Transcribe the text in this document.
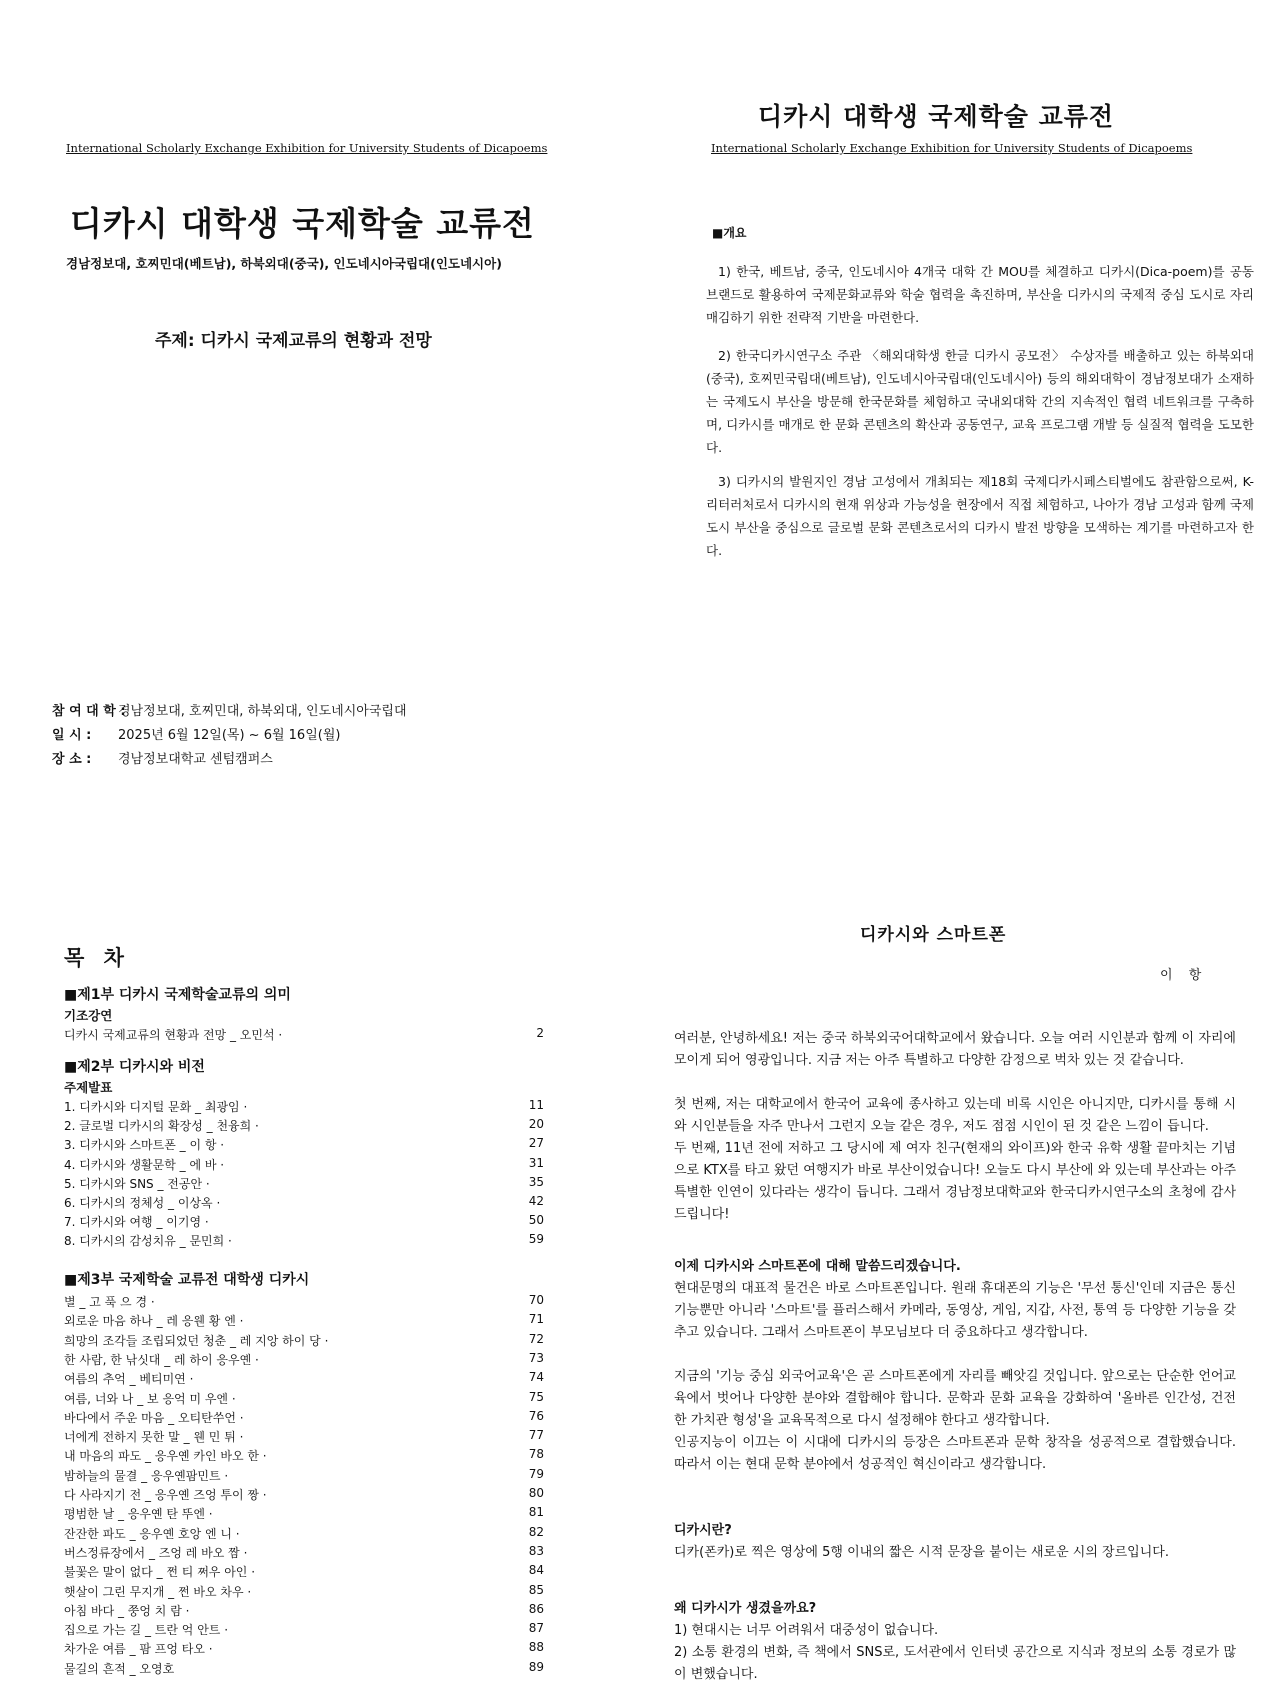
International Scholarly Exchange Exhibition for University Students of Dicapoems
디카시 대학생 국제학술 교류전
경남정보대, 호찌민대(베트남), 하북외대(중국), 인도네시아국립대(인도네시아)
주제: 디카시 국제교류의 현황과 전망
참 여 대 학 :경남정보대, 호찌민대, 하북외대, 인도네시아국립대
일 시 : 2025년 6월 12일(목) ~ 6월 16일(월)
장 소 : 경남정보대학교 센텀캠퍼스
디카시 대학생 국제학술 교류전
International Scholarly Exchange Exhibition for University Students of Dicapoems
■개요
1) 한국, 베트남, 중국, 인도네시아 4개국 대학 간 MOU를 체결하고 디카시(Dica-poem)를 공동 브랜드로 활용하여 국제문화교류와 학술 협력을 촉진하며, 부산을 디카시의 국제적 중심 도시로 자리매김하기 위한 전략적 기반을 마련한다.
2) 한국디카시연구소 주관 〈해외대학생 한글 디카시 공모전〉 수상자를 배출하고 있는 하북외대(중국), 호찌민국립대(베트남), 인도네시아국립대(인도네시아) 등의 해외대학이 경남정보대가 소재하는 국제도시 부산을 방문해 한국문화를 체험하고 국내외대학 간의 지속적인 협력 네트워크를 구축하며, 디카시를 매개로 한 문화 콘텐츠의 확산과 공동연구, 교육 프로그램 개발 등 실질적 협력을 도모한다.
3) 디카시의 발원지인 경남 고성에서 개최되는 제18회 국제디카시페스티벌에도 참관함으로써, K-리터러처로서 디카시의 현재 위상과 가능성을 현장에서 직접 체험하고, 나아가 경남 고성과 함께 국제도시 부산을 중심으로 글로벌 문화 콘텐츠로서의 디카시 발전 방향을 모색하는 계기를 마련하고자 한다.
목 차
■제1부 디카시 국제학술교류의 의미
기조강연
디카시 국제교류의 현황과 전망 _ 오민석 ·	2
■제2부 디카시와 비전
주제발표
1. 디카시와 디지털 문화 _ 최광임 ·	11
2. 글로벌 디카시의 확장성 _ 천융희 ·	20
3. 디카시와 스마트폰 _ 이 항 ·	27
4. 디카시와 생활문학 _ 에 바 ·	31
5. 디카시와 SNS _ 전공안 ·	35
6. 디카시의 정체성 _ 이상옥 ·	42
7. 디카시와 여행 _ 이기영 ·	50
8. 디카시의 감성치유 _ 문민희 ·	59
■제3부 국제학술 교류전 대학생 디카시
별 _ 고 푹 으 경 ·	70
외로운 마음 하나 _ 레 응웬 황 엔 ·	71
희망의 조각들 조립되었던 청춘 _ 레 지앙 하이 당 ·	72
한 사람, 한 낚싯대 _ 레 하이 응우옌 ·	73
여름의 추억 _ 베티미연 ·	74
여름, 너와 나 _ 보 응억 미 우엔 ·	75
바다에서 주운 마음 _ 오티탄쑤언 ·	76
너에게 전하지 못한 말 _ 웬 민 튀 ·	77
내 마음의 파도 _ 응우옌 카인 바오 한 ·	78
밤하늘의 물결 _ 응우옌팜민트 ·	79
다 사라지기 전 _ 응우옌 즈엉 투이 짱 ·	80
평범한 날 _ 응우옌 탄 뚜엔 ·	81
잔잔한 파도 _ 응우옌 호앙 엔 니 ·	82
버스정류장에서 _ 즈엉 레 바오 짬 ·	83
불꽃은 말이 없다 _ 쩐 티 쩌우 아인 ·	84
햇살이 그린 무지개 _ 쩐 바오 차우 ·	85
아침 바다 _ 쭝엉 치 람 ·	86
집으로 가는 길 _ 트란 억 안트 ·	87
차가운 여름 _ 팜 프엉 타오 ·	88
물길의 흔적 _ 오영호	89
디카시와 스마트폰
이 항
여러분, 안녕하세요! 저는 중국 하북외국어대학교에서 왔습니다. 오늘 여러 시인분과 함께 이 자리에 모이게 되어 영광입니다. 지금 저는 아주 특별하고 다양한 감정으로 벅차 있는 것 같습니다.
첫 번째, 저는 대학교에서 한국어 교육에 종사하고 있는데 비록 시인은 아니지만, 디카시를 통해 시와 시인분들을 자주 만나서 그런지 오늘 같은 경우, 저도 점점 시인이 된 것 같은 느낌이 듭니다.
두 번째, 11년 전에 저하고 그 당시에 제 여자 친구(현재의 와이프)와 한국 유학 생활 끝마치는 기념으로 KTX를 타고 왔던 여행지가 바로 부산이었습니다! 오늘도 다시 부산에 와 있는데 부산과는 아주 특별한 인연이 있다라는 생각이 듭니다. 그래서 경남정보대학교와 한국디카시연구소의 초청에 감사드립니다!
이제 디카시와 스마트폰에 대해 말씀드리겠습니다.
현대문명의 대표적 물건은 바로 스마트폰입니다. 원래 휴대폰의 기능은 '무선 통신'인데 지금은 통신 기능뿐만 아니라 '스마트'를 플러스해서 카메라, 동영상, 게임, 지갑, 사전, 통역 등 다양한 기능을 갖추고 있습니다. 그래서 스마트폰이 부모님보다 더 중요하다고 생각합니다.
지금의 '기능 중심 외국어교육'은 곧 스마트폰에게 자리를 빼앗길 것입니다. 앞으로는 단순한 언어교육에서 벗어나 다양한 분야와 결합해야 합니다. 문학과 문화 교육을 강화하여 '올바른 인간성, 건전한 가치관 형성'을 교육목적으로 다시 설정해야 한다고 생각합니다.
인공지능이 이끄는 이 시대에 디카시의 등장은 스마트폰과 문학 창작을 성공적으로 결합했습니다. 따라서 이는 현대 문학 분야에서 성공적인 혁신이라고 생각합니다.
디카시란?
디카(폰카)로 찍은 영상에 5행 이내의 짧은 시적 문장을 붙이는 새로운 시의 장르입니다.
왜 디카시가 생겼을까요?
1) 현대시는 너무 어려워서 대중성이 없습니다.
2) 소통 환경의 변화, 즉 책에서 SNS로, 도서관에서 인터넷 공간으로 지식과 정보의 소통 경로가 많이 변했습니다.
